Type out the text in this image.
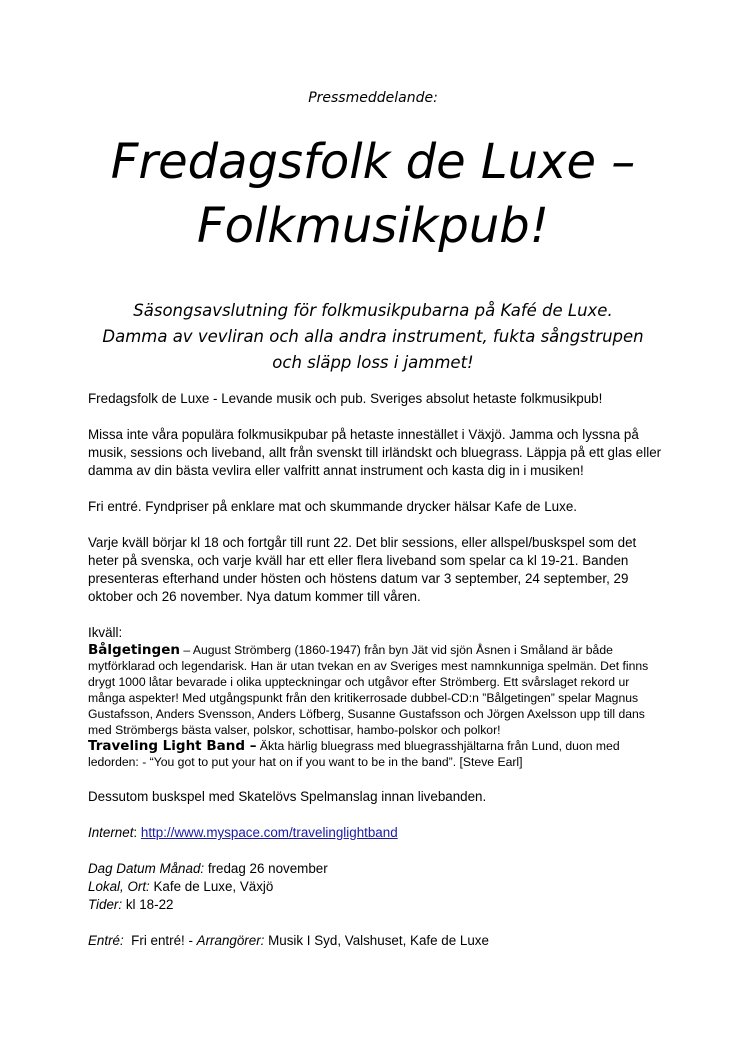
Pressmeddelande:
Fredagsfolk de Luxe –
Folkmusikpub!
Säsongsavslutning för folkmusikpubarna på Kafé de Luxe. Damma av vevliran och alla andra instrument, fukta sångstrupen och släpp loss i jammet!

Fredagsfolk de Luxe - Levande musik och pub. Sveriges absolut hetaste folkmusikpub!

Missa inte våra populära folkmusikpubar på hetaste innestället i Växjö. Jamma och lyssna på musik, sessions och liveband, allt från svenskt till irländskt och bluegrass. Läppja på ett glas eller damma av din bästa vevlira eller valfritt annat instrument och kasta dig in i musiken!

Fri entré. Fyndpriser på enklare mat och skummande drycker hälsar Kafe de Luxe.

Varje kväll börjar kl 18 och fortgår till runt 22. Det blir sessions, eller allspel/buskspel som det heter på svenska, och varje kväll har ett eller flera liveband som spelar ca kl 19-21. Banden presenteras efterhand under hösten och höstens datum var 3 september, 24 september, 29 oktober och 26 november. Nya datum kommer till våren.

Ikväll:

Bålgetingen – August Strömberg (1860-1947) från byn Jät vid sjön Åsnen i Småland är både mytförklarad och legendarisk. Han är utan tvekan en av Sveriges mest namnkunniga spelmän. Det finns drygt 1000 låtar bevarade i olika uppteckningar och utgåvor efter Strömberg. Ett svårslaget rekord ur många aspekter! Med utgångspunkt från den kritikerrosade dubbel-CD:n ”Bålgetingen” spelar Magnus Gustafsson, Anders Svensson, Anders Löfberg, Susanne Gustafsson och Jörgen Axelsson upp till dans med Strömbergs bästa valser, polskor, schottisar, hambo-polskor och polkor!

Traveling Light Band – Äkta härlig bluegrass med bluegrasshjältarna från Lund, duon med ledorden: - “You got to put your hat on if you want to be in the band”. [Steve Earl]

Dessutom buskspel med Skatelövs Spelmanslag innan livebanden.

Internet: http://www.myspace.com/travelinglightband

Dag Datum Månad: fredag 26 november

Lokal, Ort: Kafe de Luxe, Växjö

Tider: kl 18-22

Entré:  Fri entré! - Arrangörer: Musik I Syd, Valshuset, Kafe de Luxe
